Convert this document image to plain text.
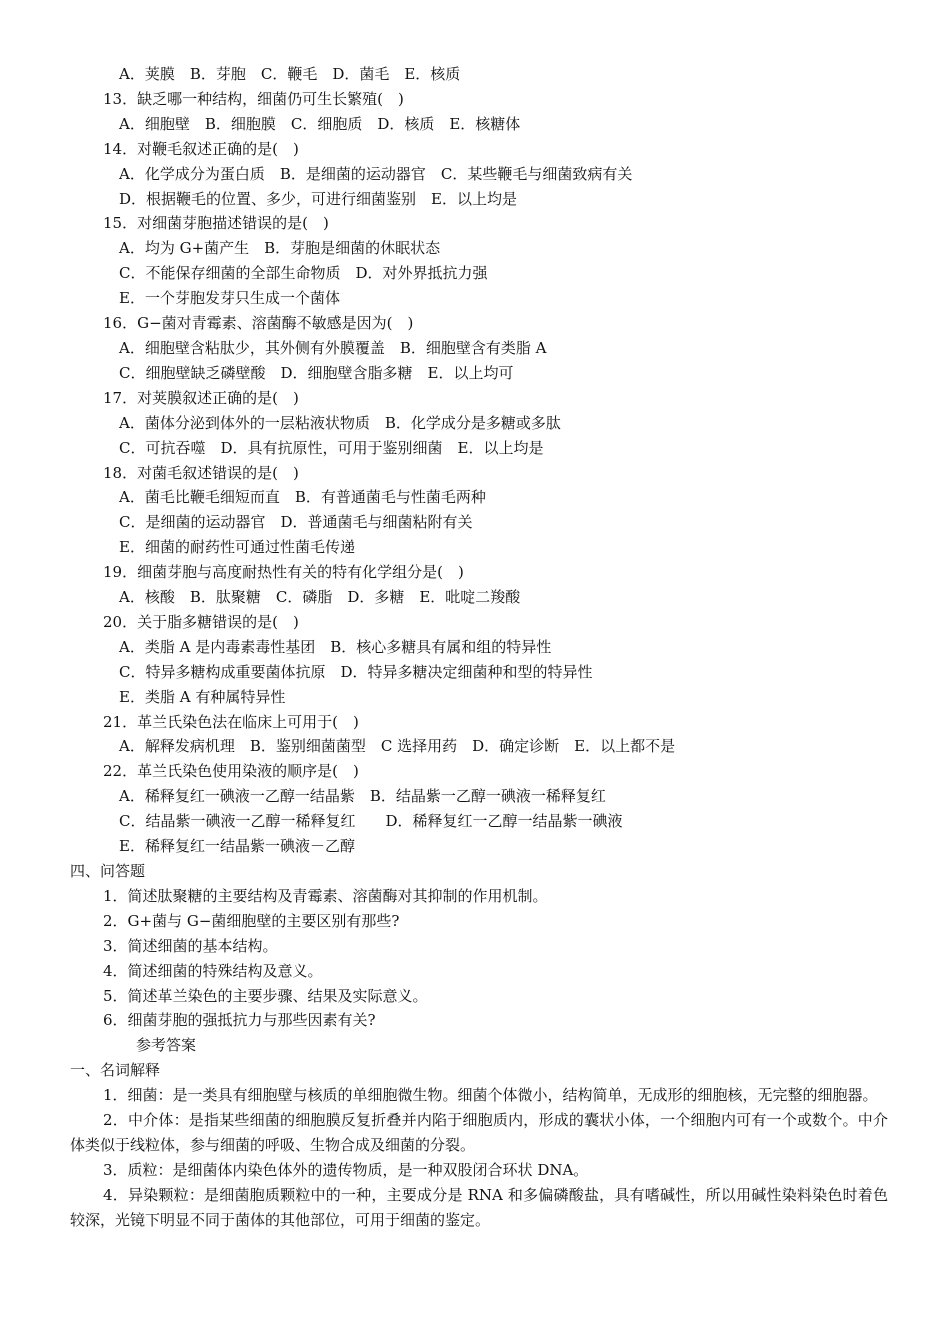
A．荚膜　B．芽胞　C．鞭毛　D．菌毛　E．核质
13．缺乏哪一种结构，细菌仍可生长繁殖(　)
A．细胞壁　B．细胞膜　C．细胞质　D．核质　E．核糖体
14．对鞭毛叙述正确的是(　)
A．化学成分为蛋白质　B．是细菌的运动器官　C．某些鞭毛与细菌致病有关
D．根据鞭毛的位置、多少，可进行细菌鉴别　E．以上均是
15．对细菌芽胞描述错误的是(　)
A．均为 G+菌产生　B．芽胞是细菌的休眠状态
C．不能保存细菌的全部生命物质　D．对外界抵抗力强
E．一个芽胞发芽只生成一个菌体
16．G−菌对青霉素、溶菌酶不敏感是因为(　)
A．细胞壁含粘肽少，其外侧有外膜覆盖　B．细胞壁含有类脂 A
C．细胞壁缺乏磷壁酸　D．细胞壁含脂多糖　E．以上均可
17．对荚膜叙述正确的是(　)
A．菌体分泌到体外的一层粘液状物质　B．化学成分是多糖或多肽
C．可抗吞噬　D．具有抗原性，可用于鉴别细菌　E．以上均是
18．对菌毛叙述错误的是(　)
A．菌毛比鞭毛细短而直　B．有普通菌毛与性菌毛两种
C．是细菌的运动器官　D．普通菌毛与细菌粘附有关
E．细菌的耐药性可通过性菌毛传递
19．细菌芽胞与高度耐热性有关的特有化学组分是(　)
A．核酸　B．肽聚糖　C．磷脂　D．多糖　E．吡啶二羧酸
20．关于脂多糖错误的是(　)
A．类脂 A 是内毒素毒性基团　B．核心多糖具有属和组的特异性
C．特异多糖构成重要菌体抗原　D．特异多糖决定细菌种和型的特异性
E．类脂 A 有种属特异性
21．革兰氏染色法在临床上可用于(　)
A．解释发病机理　B．鉴别细菌菌型　C 选择用药　D．确定诊断　E．以上都不是
22．革兰氏染色使用染液的顺序是(　)
A．稀释复红一碘液一乙醇一结晶紫　B．结晶紫一乙醇一碘液一稀释复红
C．结晶紫一碘液一乙醇一稀释复红　　D．稀释复红一乙醇一结晶紫一碘液
E．稀释复红一结晶紫一碘液－乙醇
四、问答题
1．简述肽聚糖的主要结构及青霉素、溶菌酶对其抑制的作用机制。
2．G+菌与 G−菌细胞壁的主要区别有那些?
3．简述细菌的基本结构。
4．简述细菌的特殊结构及意义。
5．简述革兰染色的主要步骤、结果及实际意义。
6．细菌芽胞的强抵抗力与那些因素有关?
参考答案
一、名词解释
1．细菌：是一类具有细胞壁与核质的单细胞微生物。细菌个体微小，结构简单，无成形的细胞核，无完整的细胞器。
2．中介体：是指某些细菌的细胞膜反复折叠并内陷于细胞质内，形成的囊状小体，一个细胞内可有一个或数个。中介体类似于线粒体，参与细菌的呼吸、生物合成及细菌的分裂。
3．质粒：是细菌体内染色体外的遗传物质，是一种双股闭合环状 DNA。
4．异染颗粒：是细菌胞质颗粒中的一种，主要成分是 RNA 和多偏磷酸盐，具有嗜碱性，所以用碱性染料染色时着色较深，光镜下明显不同于菌体的其他部位，可用于细菌的鉴定。
